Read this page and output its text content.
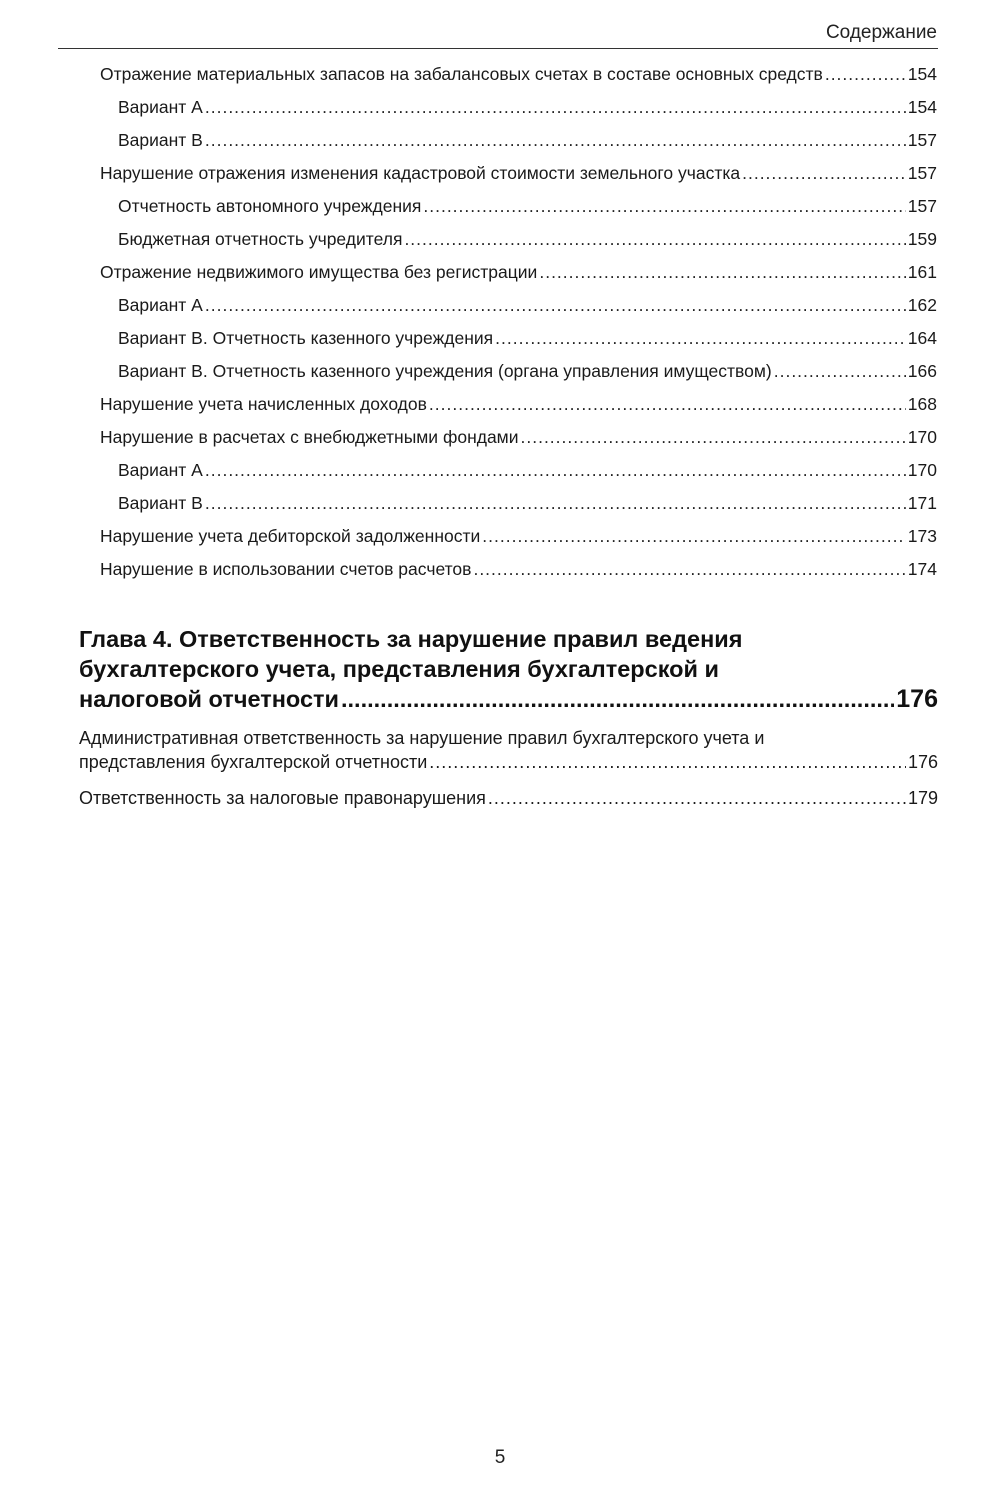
Содержание
Отражение материальных запасов на забалансовых счетах в составе основных средств .....	154
Вариант А .....	154
Вариант B .....	157
Нарушение отражения изменения кадастровой стоимости земельного участка .....	157
Отчетность автономного учреждения .....	157
Бюджетная отчетность учредителя .....	159
Отражение недвижимого имущества без регистрации .....	161
Вариант А .....	162
Вариант B. Отчетность казенного учреждения .....	164
Вариант B. Отчетность казенного учреждения (органа управления имуществом) .....	166
Нарушение учета начисленных доходов .....	168
Нарушение в расчетах с внебюджетными фондами .....	170
Вариант А .....	170
Вариант B .....	171
Нарушение учета дебиторской задолженности .....	173
Нарушение в использовании счетов расчетов .....	174
Глава 4. Ответственность за нарушение правил ведения
бухгалтерского учета, представления бухгалтерской и
налоговой отчетности .....	176
Административная ответственность за нарушение правил бухгалтерского учета и
представления бухгалтерской отчетности .....	176
Ответственность за налоговые правонарушения .....	179
5
